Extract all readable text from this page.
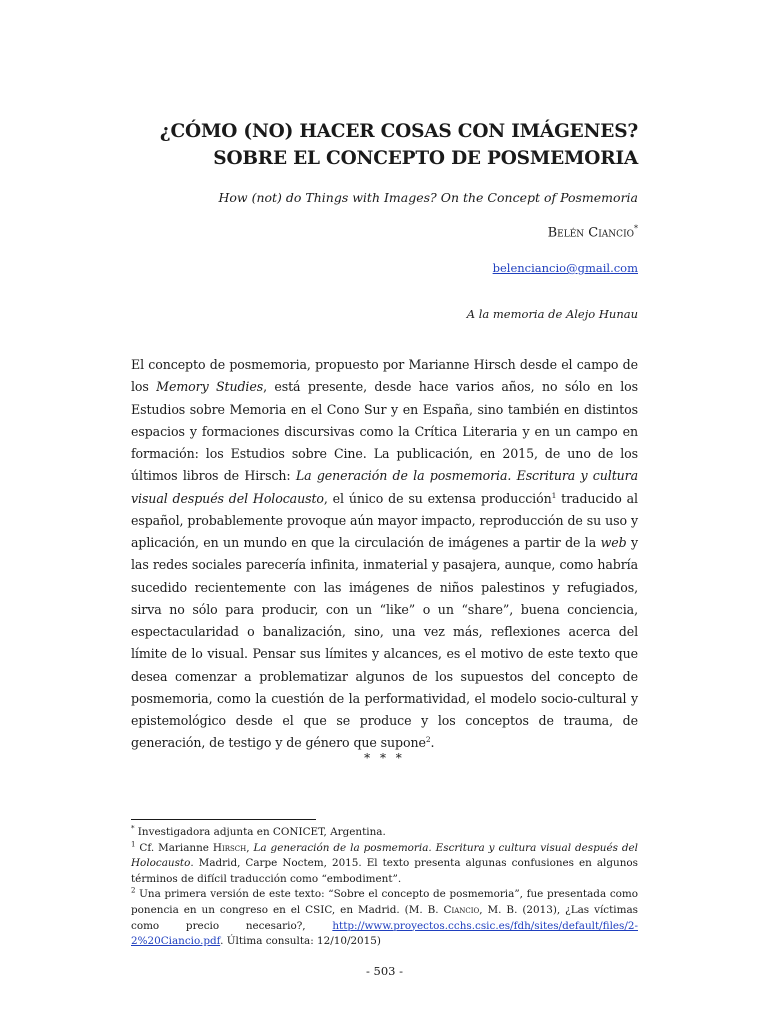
¿CÓMO (NO) HACER COSAS CON IMÁGENES?
SOBRE EL CONCEPTO DE POSMEMORIA
How (not) do Things with Images? On the Concept of Posmemoria
Belén Ciancio*
belenciancio@gmail.com
A la memoria de Alejo Hunau

El concepto de posmemoria, propuesto por Marianne Hirsch desde el campo de los Memory Studies, está presente, desde hace varios años, no sólo en los Estudios sobre Memoria en el Cono Sur y en España, sino también en distintos espacios y formaciones discursivas como la Crítica Literaria y en un campo en formación: los Estudios sobre Cine. La publicación, en 2015, de uno de los últimos libros de Hirsch: La generación de la posmemoria. Escritura y cultura visual después del Holocausto, el único de su extensa producción$^1$ traducido al español, probablemente provoque aún mayor impacto, reproducción de su uso y aplicación, en un mundo en que la circulación de imágenes a partir de la web y las redes sociales parecería infinita, inmaterial y pasajera, aunque, como habría sucedido recientemente con las imágenes de niños palestinos y refugiados, sirva no sólo para producir, con un “like” o un “share”, buena conciencia, espectacularidad o banalización, sino, una vez más, reflexiones acerca del límite de lo visual. Pensar sus límites y alcances, es el motivo de este texto que desea comenzar a problematizar algunos de los supuestos del concepto de posmemoria, como la cuestión de la performatividad, el modelo socio-cultural y epistemológico desde el que se produce y los conceptos de trauma, de generación, de testigo y de género que supone$^2$.

* * *

* Investigadora adjunta en CONICET, Argentina.

$^1$ Cf. Marianne Hirsch, La generación de la posmemoria. Escritura y cultura visual después del Holocausto. Madrid, Carpe Noctem, 2015. El texto presenta algunas confusiones en algunos términos de difícil traducción como “embodiment”.

$^2$ Una primera versión de este texto: “Sobre el concepto de posmemoria”, fue presentada como ponencia en un congreso en el CSIC, en Madrid. (M. B. Ciancio, M. B. (2013), ¿Las víctimas como precio necesario?, http://www.proyectos.cchs.csic.es/fdh/sites/default/files/2-2%20Ciancio.pdf. Última consulta: 12/10/2015)

- 503 -
